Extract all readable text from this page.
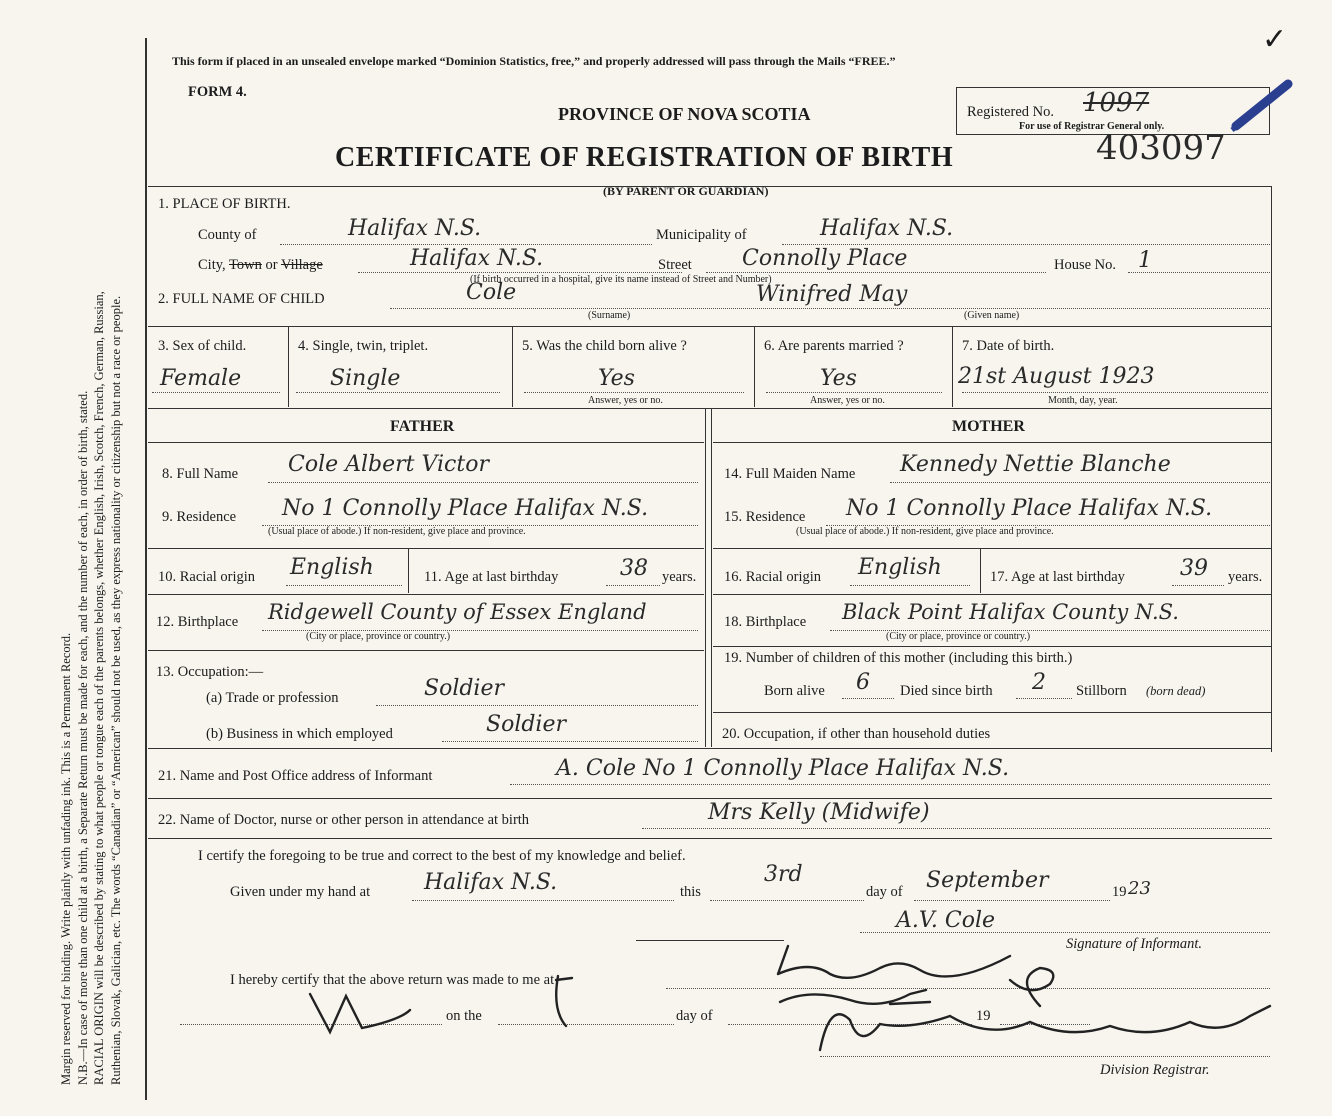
Margin reserved for binding. Write plainly with unfading ink. This is a Permanent Record. N.B.—In case of more than one child at a birth, a Separate Return must be made for each, and the number of each, in order of birth, stated. RACIAL ORIGIN will be described by stating to what people or tongue each of the parents belongs, whether English, Irish, Scotch, French, German, Russian, Ruthenian, Slovak, Galician, etc. The words “Canadian” or “American” should not be used, as they express nationality or citizenship but not a race or people.
This form if placed in an unsealed envelope marked “Dominion Statistics, free,” and properly addressed will pass through the Mails “FREE.”
FORM 4.
PROVINCE OF NOVA SCOTIA
CERTIFICATE OF REGISTRATION OF BIRTH
(BY PARENT OR GUARDIAN)
Registered No. 1097
For use of Registrar General only.
403097
✓
1. PLACE OF BIRTH.
County of	Halifax N.S.	Municipality of	Halifax N.S.
City, Town or Village	Halifax N.S.	Street Connolly Place
(If birth occurred in a hospital, give its name instead of Street and Number)
House No. 1
2. FULL NAME OF CHILD	Cole
(Surname)
Winifred May
(Given name)
3. Sex of child.
Female
4. Single, twin, triplet.
Single
5. Was the child born alive ?
Yes
Answer, yes or no.
6. Are parents married ?
Yes
Answer, yes or no.
7. Date of birth.
21st August 1923
Month, day, year.
FATHER	MOTHER
8. Full Name Cole Albert Victor
9. Residence No 1 Connolly Place Halifax N.S.
(Usual place of abode.) If non-resident, give place and province.
10. Racial origin English	11. Age at last birthday	38 years.
12. Birthplace Ridgewell County of Essex England
(City or place, province or country.)
13. Occupation:—
(a) Trade or profession	Soldier
(b) Business in which employed	Soldier
14. Full Maiden Name Kennedy Nettie Blanche
15. Residence No 1 Connolly Place Halifax N.S.
(Usual place of abode.) If non-resident, give place and province.
16. Racial origin English	17. Age at last birthday	39 years.
18. Birthplace Black Point Halifax County N.S.
(City or place, province or country.)
19. Number of children of this mother (including this birth.)
Born alive 6 Died since birth 2 Stillborn (born dead)
20. Occupation, if other than household duties
21. Name and Post Office address of Informant	A. Cole No 1 Connolly Place Halifax N.S.
22. Name of Doctor, nurse or other person in attendance at birth	Mrs Kelly (Midwife)
I certify the foregoing to be true and correct to the best of my knowledge and belief.
Given under my hand at Halifax N.S.	this
3rd
day of September	19 23
A.V. Cole
Signature of Informant.
I hereby certify that the above return was made to me at
on the	day of	19
Division Registrar.
